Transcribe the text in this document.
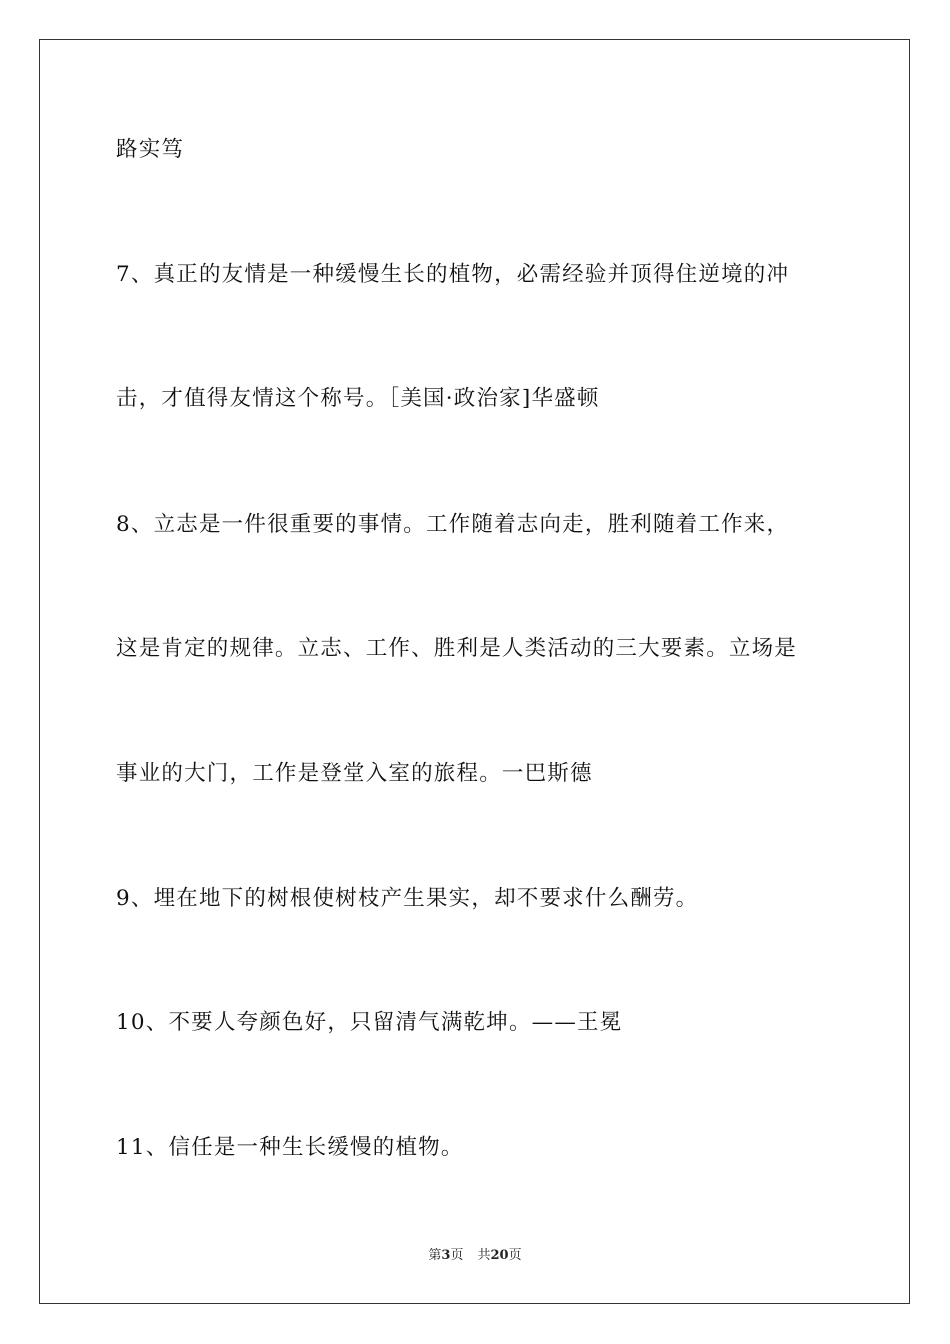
路实笃
7、真正的友情是一种缓慢生长的植物，必需经验并顶得住逆境的冲
击，才值得友情这个称号。［美国·政治家]华盛顿
8、立志是一件很重要的事情。工作随着志向走，胜利随着工作来，
这是肯定的规律。立志、工作、胜利是人类活动的三大要素。立场是
事业的大门，工作是登堂入室的旅程。一巴斯德
9、埋在地下的树根使树枝产生果实，却不要求什么酬劳。
10、不要人夸颜色好，只留清气满乾坤。——王冕
11、信任是一种生长缓慢的植物。
第3页 共20页
